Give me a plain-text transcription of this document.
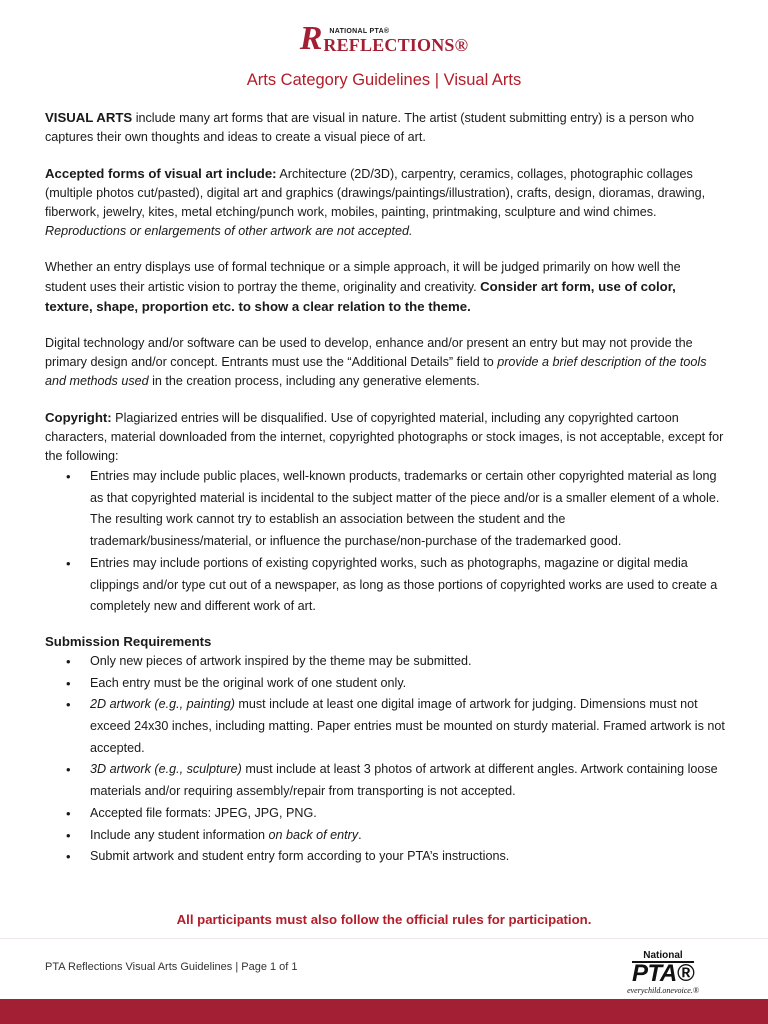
R NATIONAL PTA®
REFLECTIONS®
Arts Category Guidelines | Visual Arts

VISUAL ARTS include many art forms that are visual in nature. The artist (student submitting entry) is a person who captures their own thoughts and ideas to create a visual piece of art.

Accepted forms of visual art include: Architecture (2D/3D), carpentry, ceramics, collages, photographic collages (multiple photos cut/pasted), digital art and graphics (drawings/paintings/illustration), crafts, design, dioramas, drawing, fiberwork, jewelry, kites, metal etching/punch work, mobiles, painting, printmaking, sculpture and wind chimes. Reproductions or enlargements of other artwork are not accepted.

Whether an entry displays use of formal technique or a simple approach, it will be judged primarily on how well the student uses their artistic vision to portray the theme, originality and creativity. Consider art form, use of color, texture, shape, proportion etc. to show a clear relation to the theme.

Digital technology and/or software can be used to develop, enhance and/or present an entry but may not provide the primary design and/or concept. Entrants must use the “Additional Details” field to provide a brief description of the tools and methods used in the creation process, including any generative elements.

Copyright: Plagiarized entries will be disqualified. Use of copyrighted material, including any copyrighted cartoon characters, material downloaded from the internet, copyrighted photographs or stock images, is not acceptable, except for the following:
• Entries may include public places, well-known products, trademarks or certain other copyrighted material as long as that copyrighted material is incidental to the subject matter of the piece and/or is a smaller element of a whole. The resulting work cannot try to establish an association between the student and the trademark/business/material, or influence the purchase/non-purchase of the trademarked good.
• Entries may include portions of existing copyrighted works, such as photographs, magazine or digital media clippings and/or type cut out of a newspaper, as long as those portions of copyrighted works are used to create a completely new and different work of art.
Submission Requirements
• Only new pieces of artwork inspired by the theme may be submitted.
• Each entry must be the original work of one student only.
• 2D artwork (e.g., painting) must include at least one digital image of artwork for judging. Dimensions must not exceed 24x30 inches, including matting. Paper entries must be mounted on sturdy material. Framed artwork is not accepted.
• 3D artwork (e.g., sculpture) must include at least 3 photos of artwork at different angles. Artwork containing loose materials and/or requiring assembly/repair from transporting is not accepted.
• Accepted file formats: JPEG, JPG, PNG.
• Include any student information on back of entry.
• Submit artwork and student entry form according to your PTA’s instructions.
All participants must also follow the official rules for participation.
PTA Reflections Visual Arts Guidelines | Page 1 of 1
National
PTA®
everychild.onevoice.®
